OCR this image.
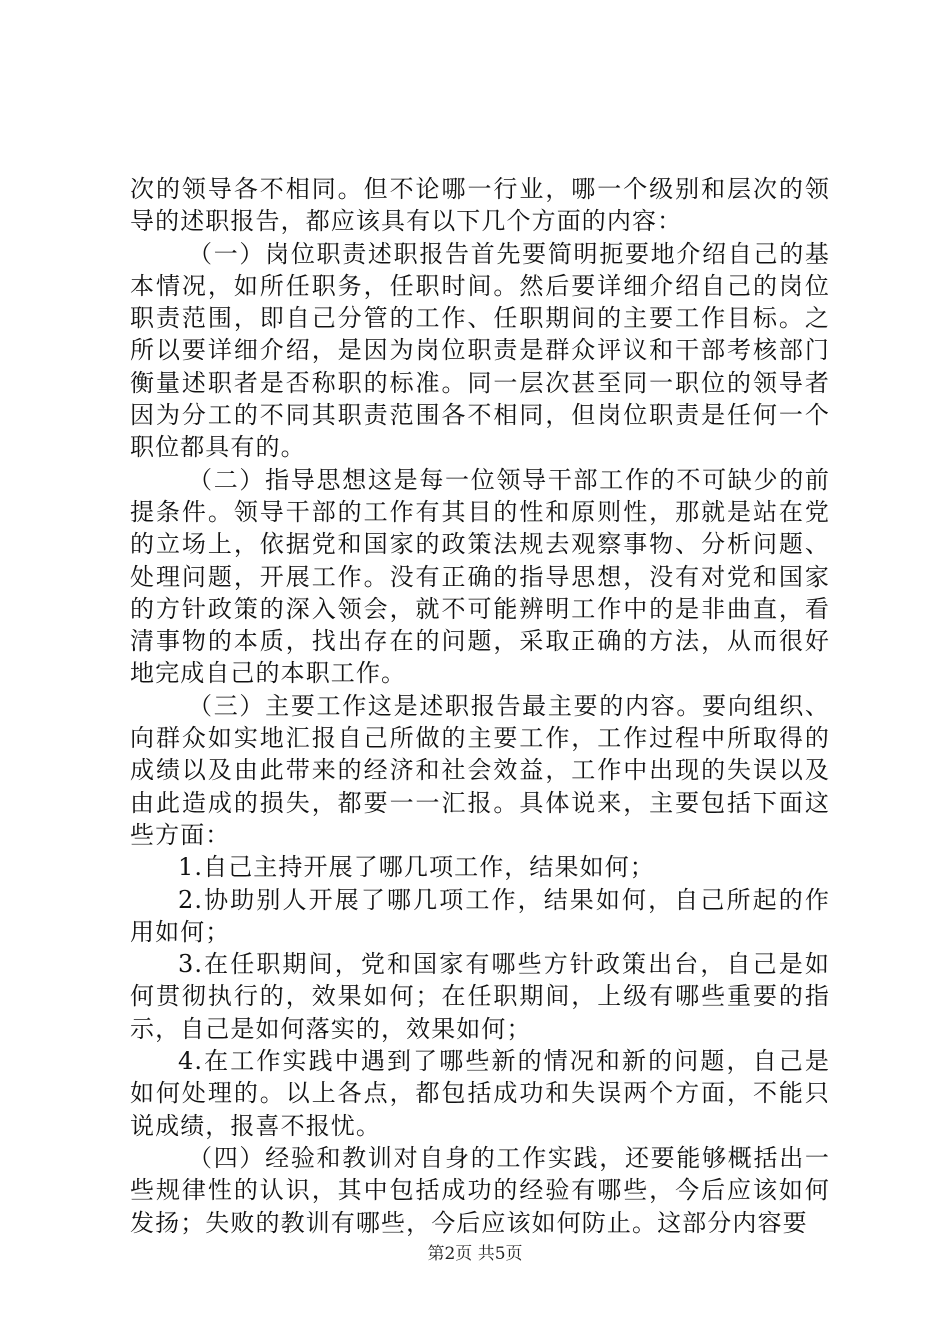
次的领导各不相同。但不论哪一行业，哪一个级别和层次的领导的述职报告，都应该具有以下几个方面的内容：

（一）岗位职责述职报告首先要简明扼要地介绍自己的基本情况，如所任职务，任职时间。然后要详细介绍自己的岗位职责范围，即自己分管的工作、任职期间的主要工作目标。之所以要详细介绍，是因为岗位职责是群众评议和干部考核部门衡量述职者是否称职的标准。同一层次甚至同一职位的领导者因为分工的不同其职责范围各不相同，但岗位职责是任何一个职位都具有的。

（二）指导思想这是每一位领导干部工作的不可缺少的前提条件。领导干部的工作有其目的性和原则性，那就是站在党的立场上，依据党和国家的政策法规去观察事物、分析问题、处理问题，开展工作。没有正确的指导思想，没有对党和国家的方针政策的深入领会，就不可能辨明工作中的是非曲直，看清事物的本质，找出存在的问题，采取正确的方法，从而很好地完成自己的本职工作。

（三）主要工作这是述职报告最主要的内容。要向组织、向群众如实地汇报自己所做的主要工作，工作过程中所取得的成绩以及由此带来的经济和社会效益，工作中出现的失误以及由此造成的损失，都要一一汇报。具体说来，主要包括下面这些方面：

1.自己主持开展了哪几项工作，结果如何；

2.协助别人开展了哪几项工作，结果如何，自己所起的作用如何；

3.在任职期间，党和国家有哪些方针政策出台，自己是如何贯彻执行的，效果如何；在任职期间，上级有哪些重要的指示，自己是如何落实的，效果如何；

4.在工作实践中遇到了哪些新的情况和新的问题，自己是如何处理的。以上各点，都包括成功和失误两个方面，不能只说成绩，报喜不报忧。

（四）经验和教训对自身的工作实践，还要能够概括出一些规律性的认识，其中包括成功的经验有哪些，今后应该如何发扬；失败的教训有哪些，今后应该如何防止。这部分内容要

第2页 共5页
